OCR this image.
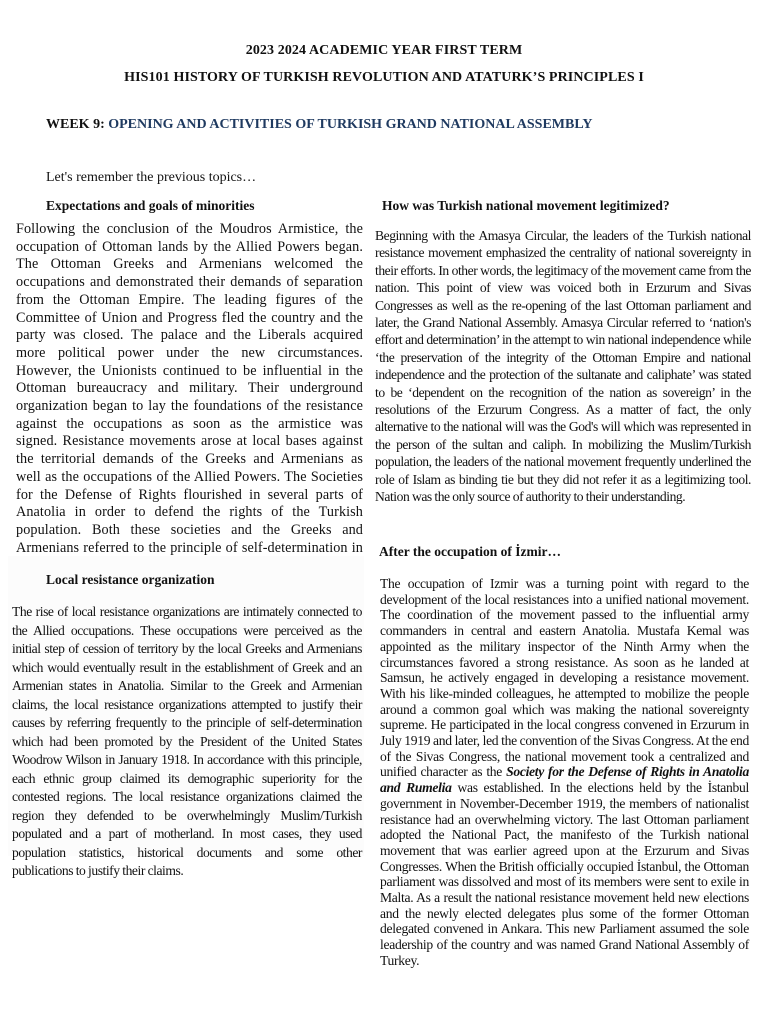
2023 2024 ACADEMIC YEAR FIRST TERM
HIS101 HISTORY OF TURKISH REVOLUTION AND ATATURK’S PRINCIPLES I
WEEK 9: OPENING AND ACTIVITIES OF TURKISH GRAND NATIONAL ASSEMBLY
Let's remember the previous topics…
Expectations and goals of minorities
Following the conclusion of the Moudros Armistice, the occupation of Ottoman lands by the Allied Powers began. The Ottoman Greeks and Armenians welcomed the occupations and demonstrated their demands of separation from the Ottoman Empire. The leading figures of the Committee of Union and Progress fled the country and the party was closed. The palace and the Liberals acquired more political power under the new circumstances. However, the Unionists continued to be influential in the Ottoman bureaucracy and military. Their underground organization began to lay the foundations of the resistance against the occupations as soon as the armistice was signed. Resistance movements arose at local bases against the territorial demands of the Greeks and Armenians as well as the occupations of the Allied Powers. The Societies for the Defense of Rights flourished in several parts of Anatolia in order to defend the rights of the Turkish population. Both these societies and the Greeks and Armenians referred to the principle of self-determination in
How was Turkish national movement legitimized?
Beginning with the Amasya Circular, the leaders of the Turkish national resistance movement emphasized the centrality of national sovereignty in their efforts. In other words, the legitimacy of the movement came from the nation. This point of view was voiced both in Erzurum and Sivas Congresses as well as the re-opening of the last Ottoman parliament and later, the Grand National Assembly. Amasya Circular referred to ‘nation's effort and determination’ in the attempt to win national independence while ‘the preservation of the integrity of the Ottoman Empire and national independence and the protection of the sultanate and caliphate’ was stated to be ‘dependent on the recognition of the nation as sovereign’ in the resolutions of the Erzurum Congress. As a matter of fact, the only alternative to the national will was the God's will which was represented in the person of the sultan and caliph. In mobilizing the Muslim/Turkish population, the leaders of the national movement frequently underlined the role of Islam as binding tie but they did not refer it as a legitimizing tool. Nation was the only source of authority to their understanding.
Local resistance organization
The rise of local resistance organizations are intimately connected to the Allied occupations. These occupations were perceived as the initial step of cession of territory by the local Greeks and Armenians which would eventually result in the establishment of Greek and an Armenian states in Anatolia. Similar to the Greek and Armenian claims, the local resistance organizations attempted to justify their causes by referring frequently to the principle of self-determination which had been promoted by the President of the United States Woodrow Wilson in January 1918. In accordance with this principle, each ethnic group claimed its demographic superiority for the contested regions. The local resistance organizations claimed the region they defended to be overwhelmingly Muslim/Turkish populated and a part of motherland. In most cases, they used population statistics, historical documents and some other publications to justify their claims.
After the occupation of İzmir…
The occupation of Izmir was a turning point with regard to the development of the local resistances into a unified national movement. The coordination of the movement passed to the influential army commanders in central and eastern Anatolia. Mustafa Kemal was appointed as the military inspector of the Ninth Army when the circumstances favored a strong resistance. As soon as he landed at Samsun, he actively engaged in developing a resistance movement. With his like-minded colleagues, he attempted to mobilize the people around a common goal which was making the national sovereignty supreme. He participated in the local congress convened in Erzurum in July 1919 and later, led the convention of the Sivas Congress. At the end of the Sivas Congress, the national movement took a centralized and unified character as the Society for the Defense of Rights in Anatolia and Rumelia was established. In the elections held by the İstanbul government in November-December 1919, the members of nationalist resistance had an overwhelming victory. The last Ottoman parliament adopted the National Pact, the manifesto of the Turkish national movement that was earlier agreed upon at the Erzurum and Sivas Congresses. When the British officially occupied İstanbul, the Ottoman parliament was dissolved and most of its members were sent to exile in Malta. As a result the national resistance movement held new elections and the newly elected delegates plus some of the former Ottoman delegated convened in Ankara. This new Parliament assumed the sole leadership of the country and was named Grand National Assembly of Turkey.
